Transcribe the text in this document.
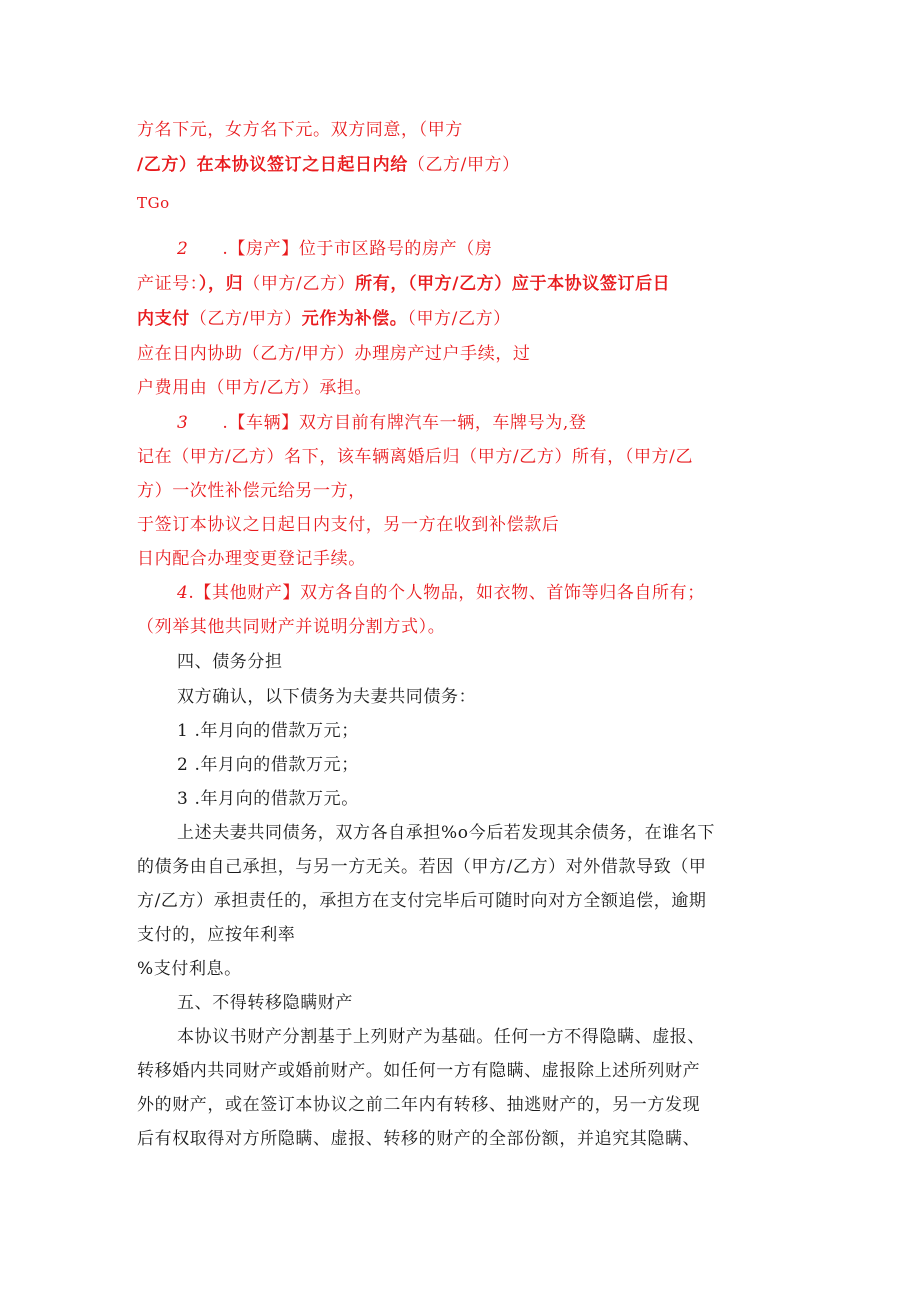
方名下元，女方名下元。双方同意，（甲方
/乙方）在本协议签订之日起日内给（乙方/甲方）
TGo
2 .【房产】位于市区路号的房产（房
产证号：），归（甲方/乙方）所有，（甲方/乙方）应于本协议签订后日
内支付（乙方/甲方）元作为补偿。（甲方/乙方）
应在日内协助（乙方/甲方）办理房产过户手续，过
户费用由（甲方/乙方）承担。
3 .【车辆】双方目前有牌汽车一辆，车牌号为,登
记在（甲方/乙方）名下，该车辆离婚后归（甲方/乙方）所有，（甲方/乙
方）一次性补偿元给另一方，
于签订本协议之日起日内支付，另一方在收到补偿款后
日内配合办理变更登记手续。
4.【其他财产】双方各自的个人物品，如衣物、首饰等归各自所有；
（列举其他共同财产并说明分割方式）。
四、债务分担
双方确认，以下债务为夫妻共同债务：
1 .年月向的借款万元；
2 .年月向的借款万元；
3 .年月向的借款万元。
上述夫妻共同债务，双方各自承担%o今后若发现其余债务，在谁名下
的债务由自己承担，与另一方无关。若因（甲方/乙方）对外借款导致（甲
方/乙方）承担责任的，承担方在支付完毕后可随时向对方全额追偿，逾期
支付的，应按年利率
%支付利息。
五、不得转移隐瞒财产
本协议书财产分割基于上列财产为基础。任何一方不得隐瞒、虚报、
转移婚内共同财产或婚前财产。如任何一方有隐瞒、虚报除上述所列财产
外的财产，或在签订本协议之前二年内有转移、抽逃财产的，另一方发现
后有权取得对方所隐瞒、虚报、转移的财产的全部份额，并追究其隐瞒、
